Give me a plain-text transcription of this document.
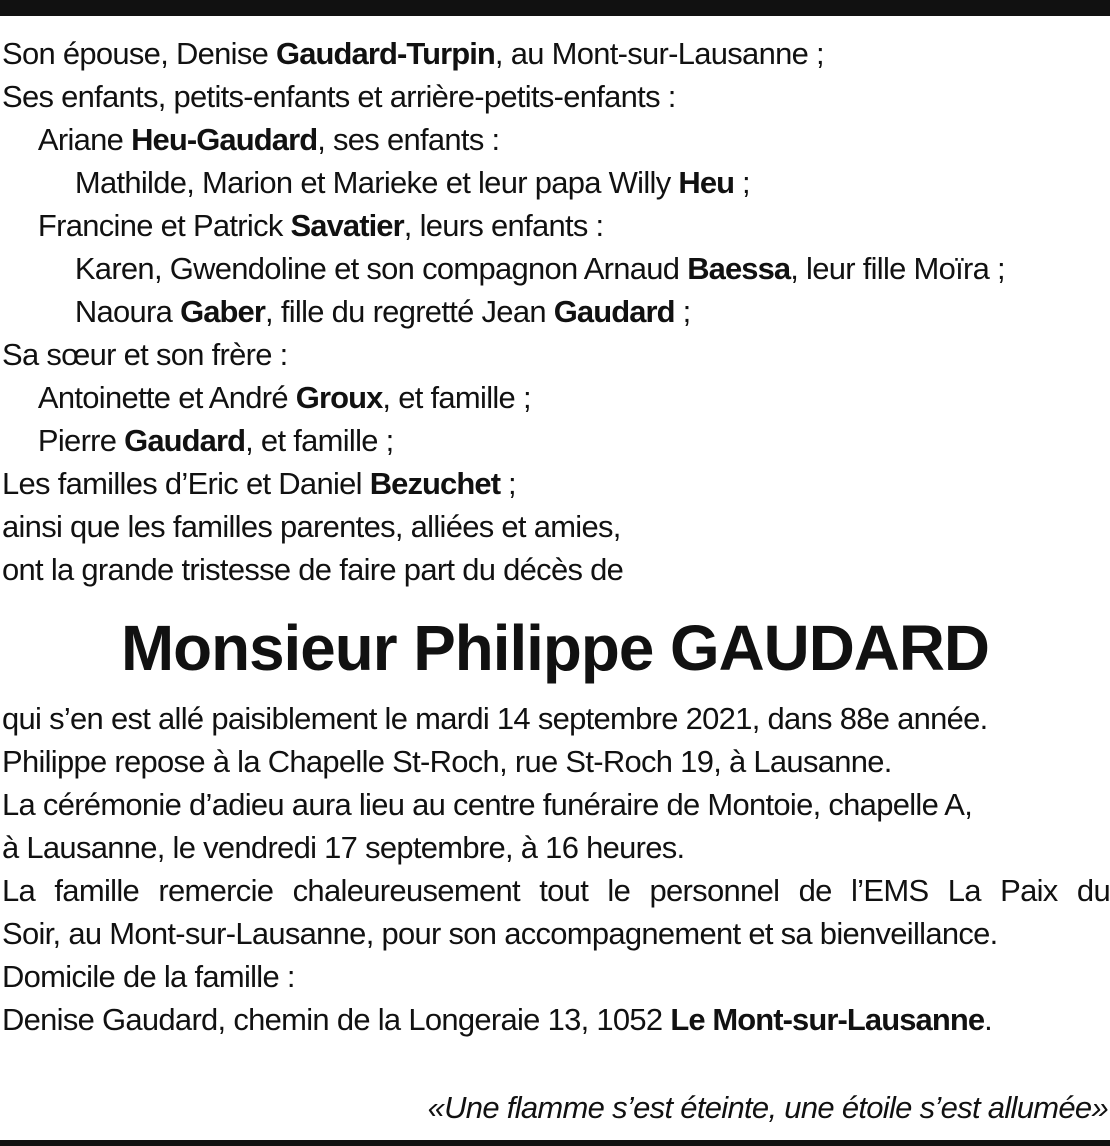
Son épouse, Denise Gaudard-Turpin, au Mont-sur-Lausanne ;
Ses enfants, petits-enfants et arrière-petits-enfants :
Ariane Heu-Gaudard, ses enfants :
Mathilde, Marion et Marieke et leur papa Willy Heu ;
Francine et Patrick Savatier, leurs enfants :
Karen, Gwendoline et son compagnon Arnaud Baessa, leur fille Moïra ;
Naoura Gaber, fille du regretté Jean Gaudard ;
Sa sœur et son frère :
Antoinette et André Groux, et famille ;
Pierre Gaudard, et famille ;
Les familles d’Eric et Daniel Bezuchet ;
ainsi que les familles parentes, alliées et amies,
ont la grande tristesse de faire part du décès de
Monsieur Philippe GAUDARD
qui s’en est allé paisiblement le mardi 14 septembre 2021, dans 88e année.
Philippe repose à la Chapelle St-Roch, rue St-Roch 19, à Lausanne.
La cérémonie d’adieu aura lieu au centre funéraire de Montoie, chapelle A,
à Lausanne, le vendredi 17 septembre, à 16 heures.
La famille remercie chaleureusement tout le personnel de l’EMS La Paix du
Soir, au Mont-sur-Lausanne, pour son accompagnement et sa bienveillance.
Domicile de la famille :
Denise Gaudard, chemin de la Longeraie 13, 1052 Le Mont-sur-Lausanne.
«Une flamme s’est éteinte, une étoile s’est allumée»
